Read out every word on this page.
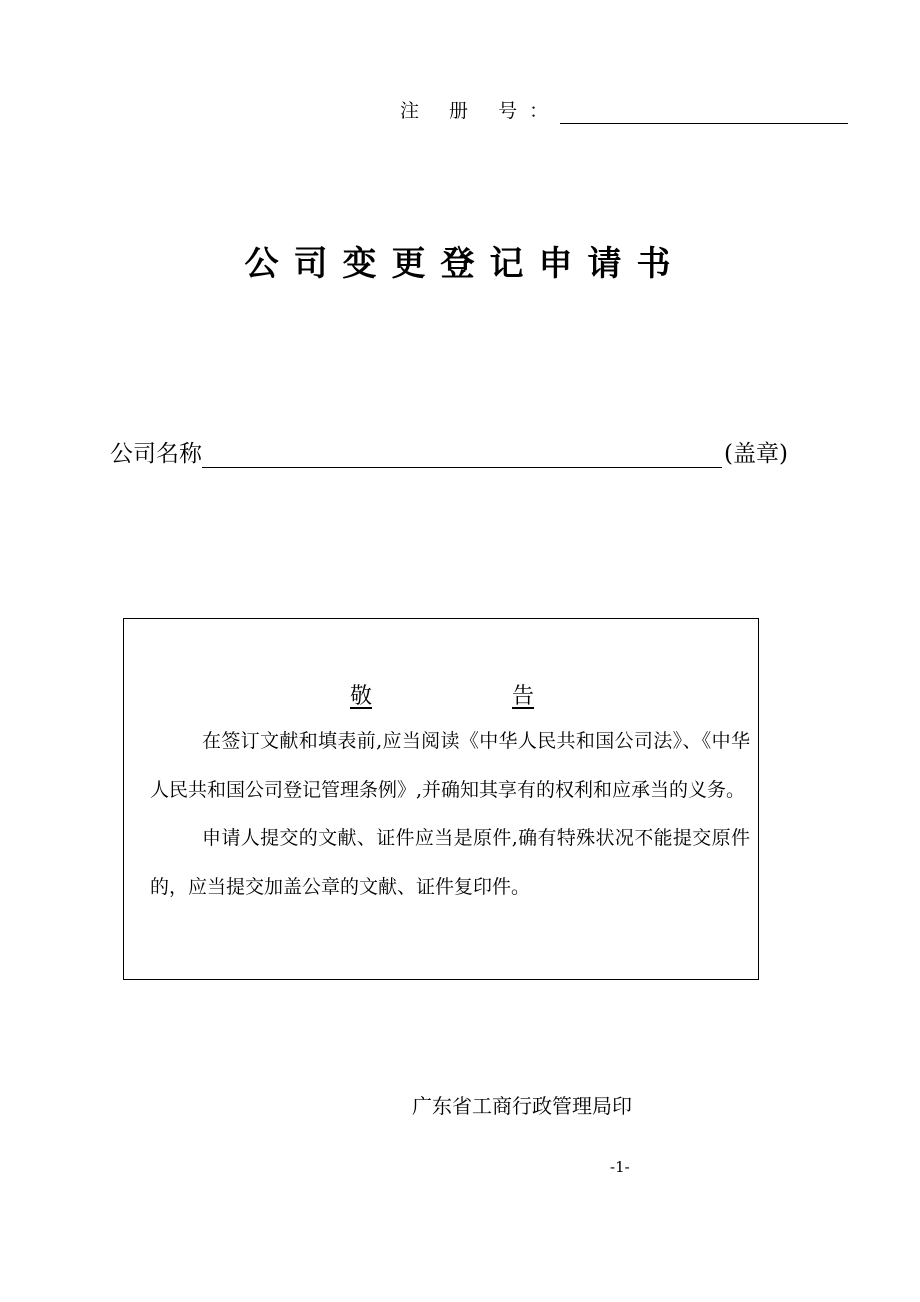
注 册 号：
公司变更登记申请书
公司名称	(盖章)
敬	告

在签订文献和填表前,应当阅读《中华人民共和国公司法》、《中华人民共和国公司登记管理条例》,并确知其享有的权利和应承当的义务。

申请人提交的文献、证件应当是原件,确有特殊状况不能提交原件的，应当提交加盖公章的文献、证件复印件。

广东省工商行政管理局印
-1-
